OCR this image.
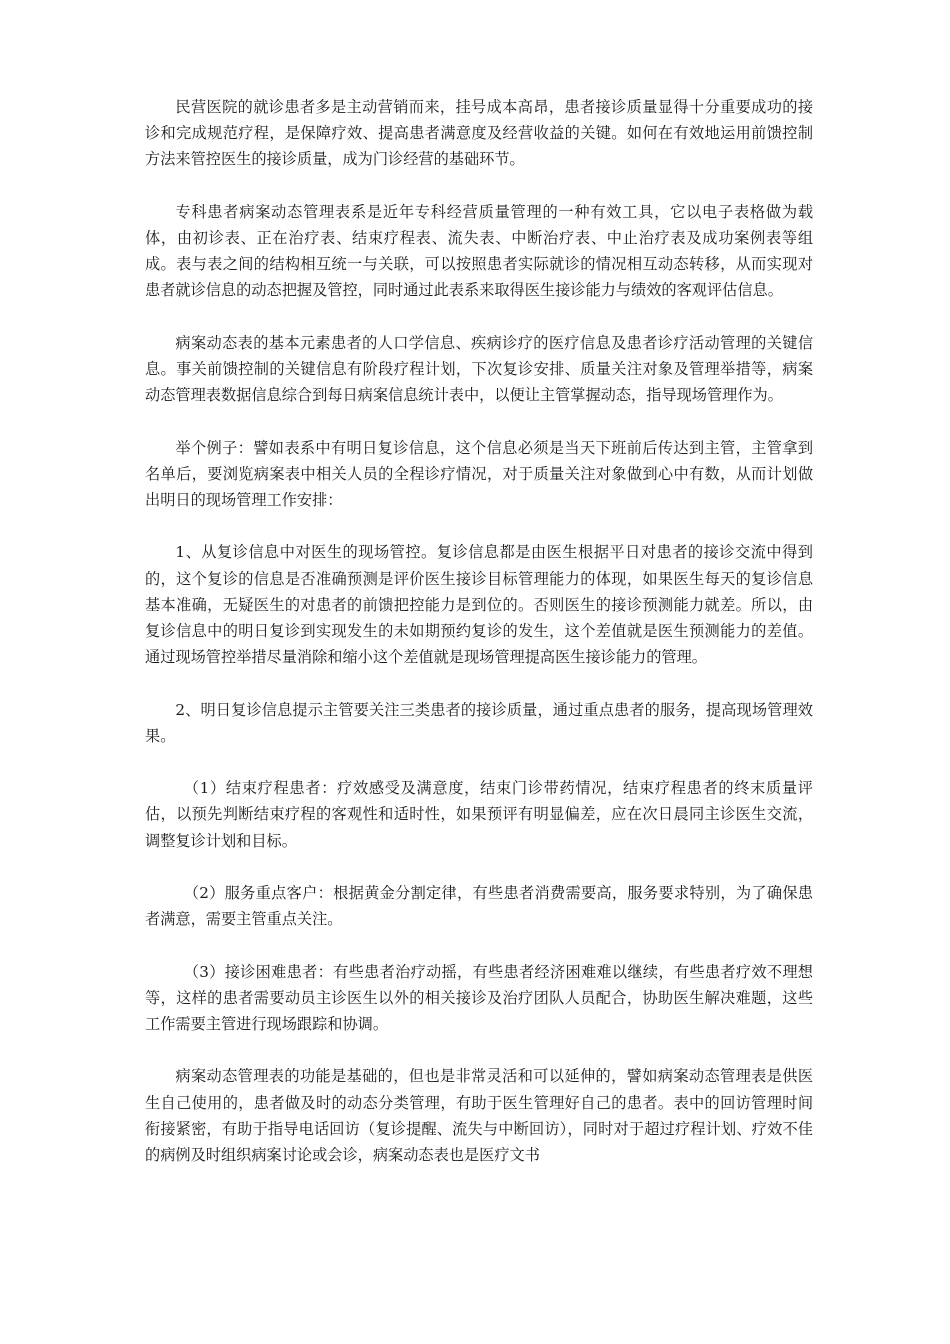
民营医院的就诊患者多是主动营销而来，挂号成本高昂，患者接诊质量显得十分重要成功的接诊和完成规范疗程，是保障疗效、提高患者满意度及经营收益的关键。如何在有效地运用前馈控制方法来管控医生的接诊质量，成为门诊经营的基础环节。

专科患者病案动态管理表系是近年专科经营质量管理的一种有效工具，它以电子表格做为载体，由初诊表、正在治疗表、结束疗程表、流失表、中断治疗表、中止治疗表及成功案例表等组成。表与表之间的结构相互统一与关联，可以按照患者实际就诊的情况相互动态转移，从而实现对患者就诊信息的动态把握及管控，同时通过此表系来取得医生接诊能力与绩效的客观评估信息。

病案动态表的基本元素患者的人口学信息、疾病诊疗的医疗信息及患者诊疗活动管理的关键信息。事关前馈控制的关键信息有阶段疗程计划，下次复诊安排、质量关注对象及管理举措等，病案动态管理表数据信息综合到每日病案信息统计表中，以便让主管掌握动态，指导现场管理作为。

举个例子：譬如表系中有明日复诊信息，这个信息必须是当天下班前后传达到主管，主管拿到名单后，要浏览病案表中相关人员的全程诊疗情况，对于质量关注对象做到心中有数，从而计划做出明日的现场管理工作安排：

1、从复诊信息中对医生的现场管控。复诊信息都是由医生根据平日对患者的接诊交流中得到的，这个复诊的信息是否准确预测是评价医生接诊目标管理能力的体现，如果医生每天的复诊信息基本准确，无疑医生的对患者的前馈把控能力是到位的。否则医生的接诊预测能力就差。所以，由复诊信息中的明日复诊到实现发生的未如期预约复诊的发生，这个差值就是医生预测能力的差值。通过现场管控举措尽量消除和缩小这个差值就是现场管理提高医生接诊能力的管理。

2、明日复诊信息提示主管要关注三类患者的接诊质量，通过重点患者的服务，提高现场管理效果。

（1）结束疗程患者：疗效感受及满意度，结束门诊带药情况，结束疗程患者的终末质量评估，以预先判断结束疗程的客观性和适时性，如果预评有明显偏差，应在次日晨同主诊医生交流，调整复诊计划和目标。

（2）服务重点客户：根据黄金分割定律，有些患者消费需要高，服务要求特别，为了确保患者满意，需要主管重点关注。

（3）接诊困难患者：有些患者治疗动摇，有些患者经济困难难以继续，有些患者疗效不理想等，这样的患者需要动员主诊医生以外的相关接诊及治疗团队人员配合，协助医生解决难题，这些工作需要主管进行现场跟踪和协调。

病案动态管理表的功能是基础的，但也是非常灵活和可以延伸的，譬如病案动态管理表是供医生自己使用的，患者做及时的动态分类管理，有助于医生管理好自己的患者。表中的回访管理时间衔接紧密，有助于指导电话回访（复诊提醒、流失与中断回访），同时对于超过疗程计划、疗效不佳的病例及时组织病案讨论或会诊，病案动态表也是医疗文书
